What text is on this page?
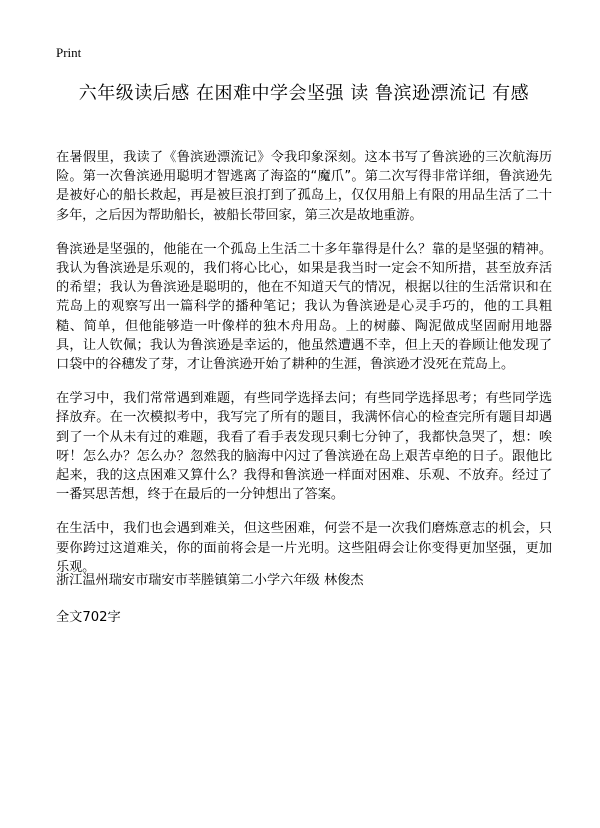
Print
六年级读后感 在困难中学会坚强 读 鲁滨逊漂流记 有感

在暑假里，我读了《鲁滨逊漂流记》令我印象深刻。这本书写了鲁滨逊的三次航海历险。第一次鲁滨逊用聪明才智逃离了海盗的“魔爪”。第二次写得非常详细，鲁滨逊先是被好心的船长救起，再是被巨浪打到了孤岛上，仅仅用船上有限的用品生活了二十多年，之后因为帮助船长，被船长带回家，第三次是故地重游。

鲁滨逊是坚强的，他能在一个孤岛上生活二十多年靠得是什么？靠的是坚强的精神。我认为鲁滨逊是乐观的，我们将心比心，如果是我当时一定会不知所措，甚至放弃活的希望；我认为鲁滨逊是聪明的，他在不知道天气的情况，根据以往的生活常识和在荒岛上的观察写出一篇科学的播种笔记；我认为鲁滨逊是心灵手巧的，他的工具粗糙、简单，但他能够造一叶像样的独木舟用岛。上的树藤、陶泥做成坚固耐用地器具，让人钦佩；我认为鲁滨逊是幸运的，他虽然遭遇不幸，但上天的眷顾让他发现了口袋中的谷穗发了芽，才让鲁滨逊开始了耕种的生涯，鲁滨逊才没死在荒岛上。

在学习中，我们常常遇到难题，有些同学选择去问；有些同学选择思考；有些同学选择放弃。在一次模拟考中，我写完了所有的题目，我满怀信心的检查完所有题目却遇到了一个从未有过的难题，我看了看手表发现只剩七分钟了，我都快急哭了，想：唉呀！怎么办？怎么办？忽然我的脑海中闪过了鲁滨逊在岛上艰苦卓绝的日子。跟他比起来，我的这点困难又算什么？我得和鲁滨逊一样面对困难、乐观、不放弃。经过了一番冥思苦想，终于在最后的一分钟想出了答案。

在生活中，我们也会遇到难关，但这些困难，何尝不是一次我们磨炼意志的机会，只要你跨过这道难关，你的面前将会是一片光明。这些阻碍会让你变得更加坚强，更加乐观。

浙江温州瑞安市瑞安市莘塍镇第二小学六年级 林俊杰
全文702字
